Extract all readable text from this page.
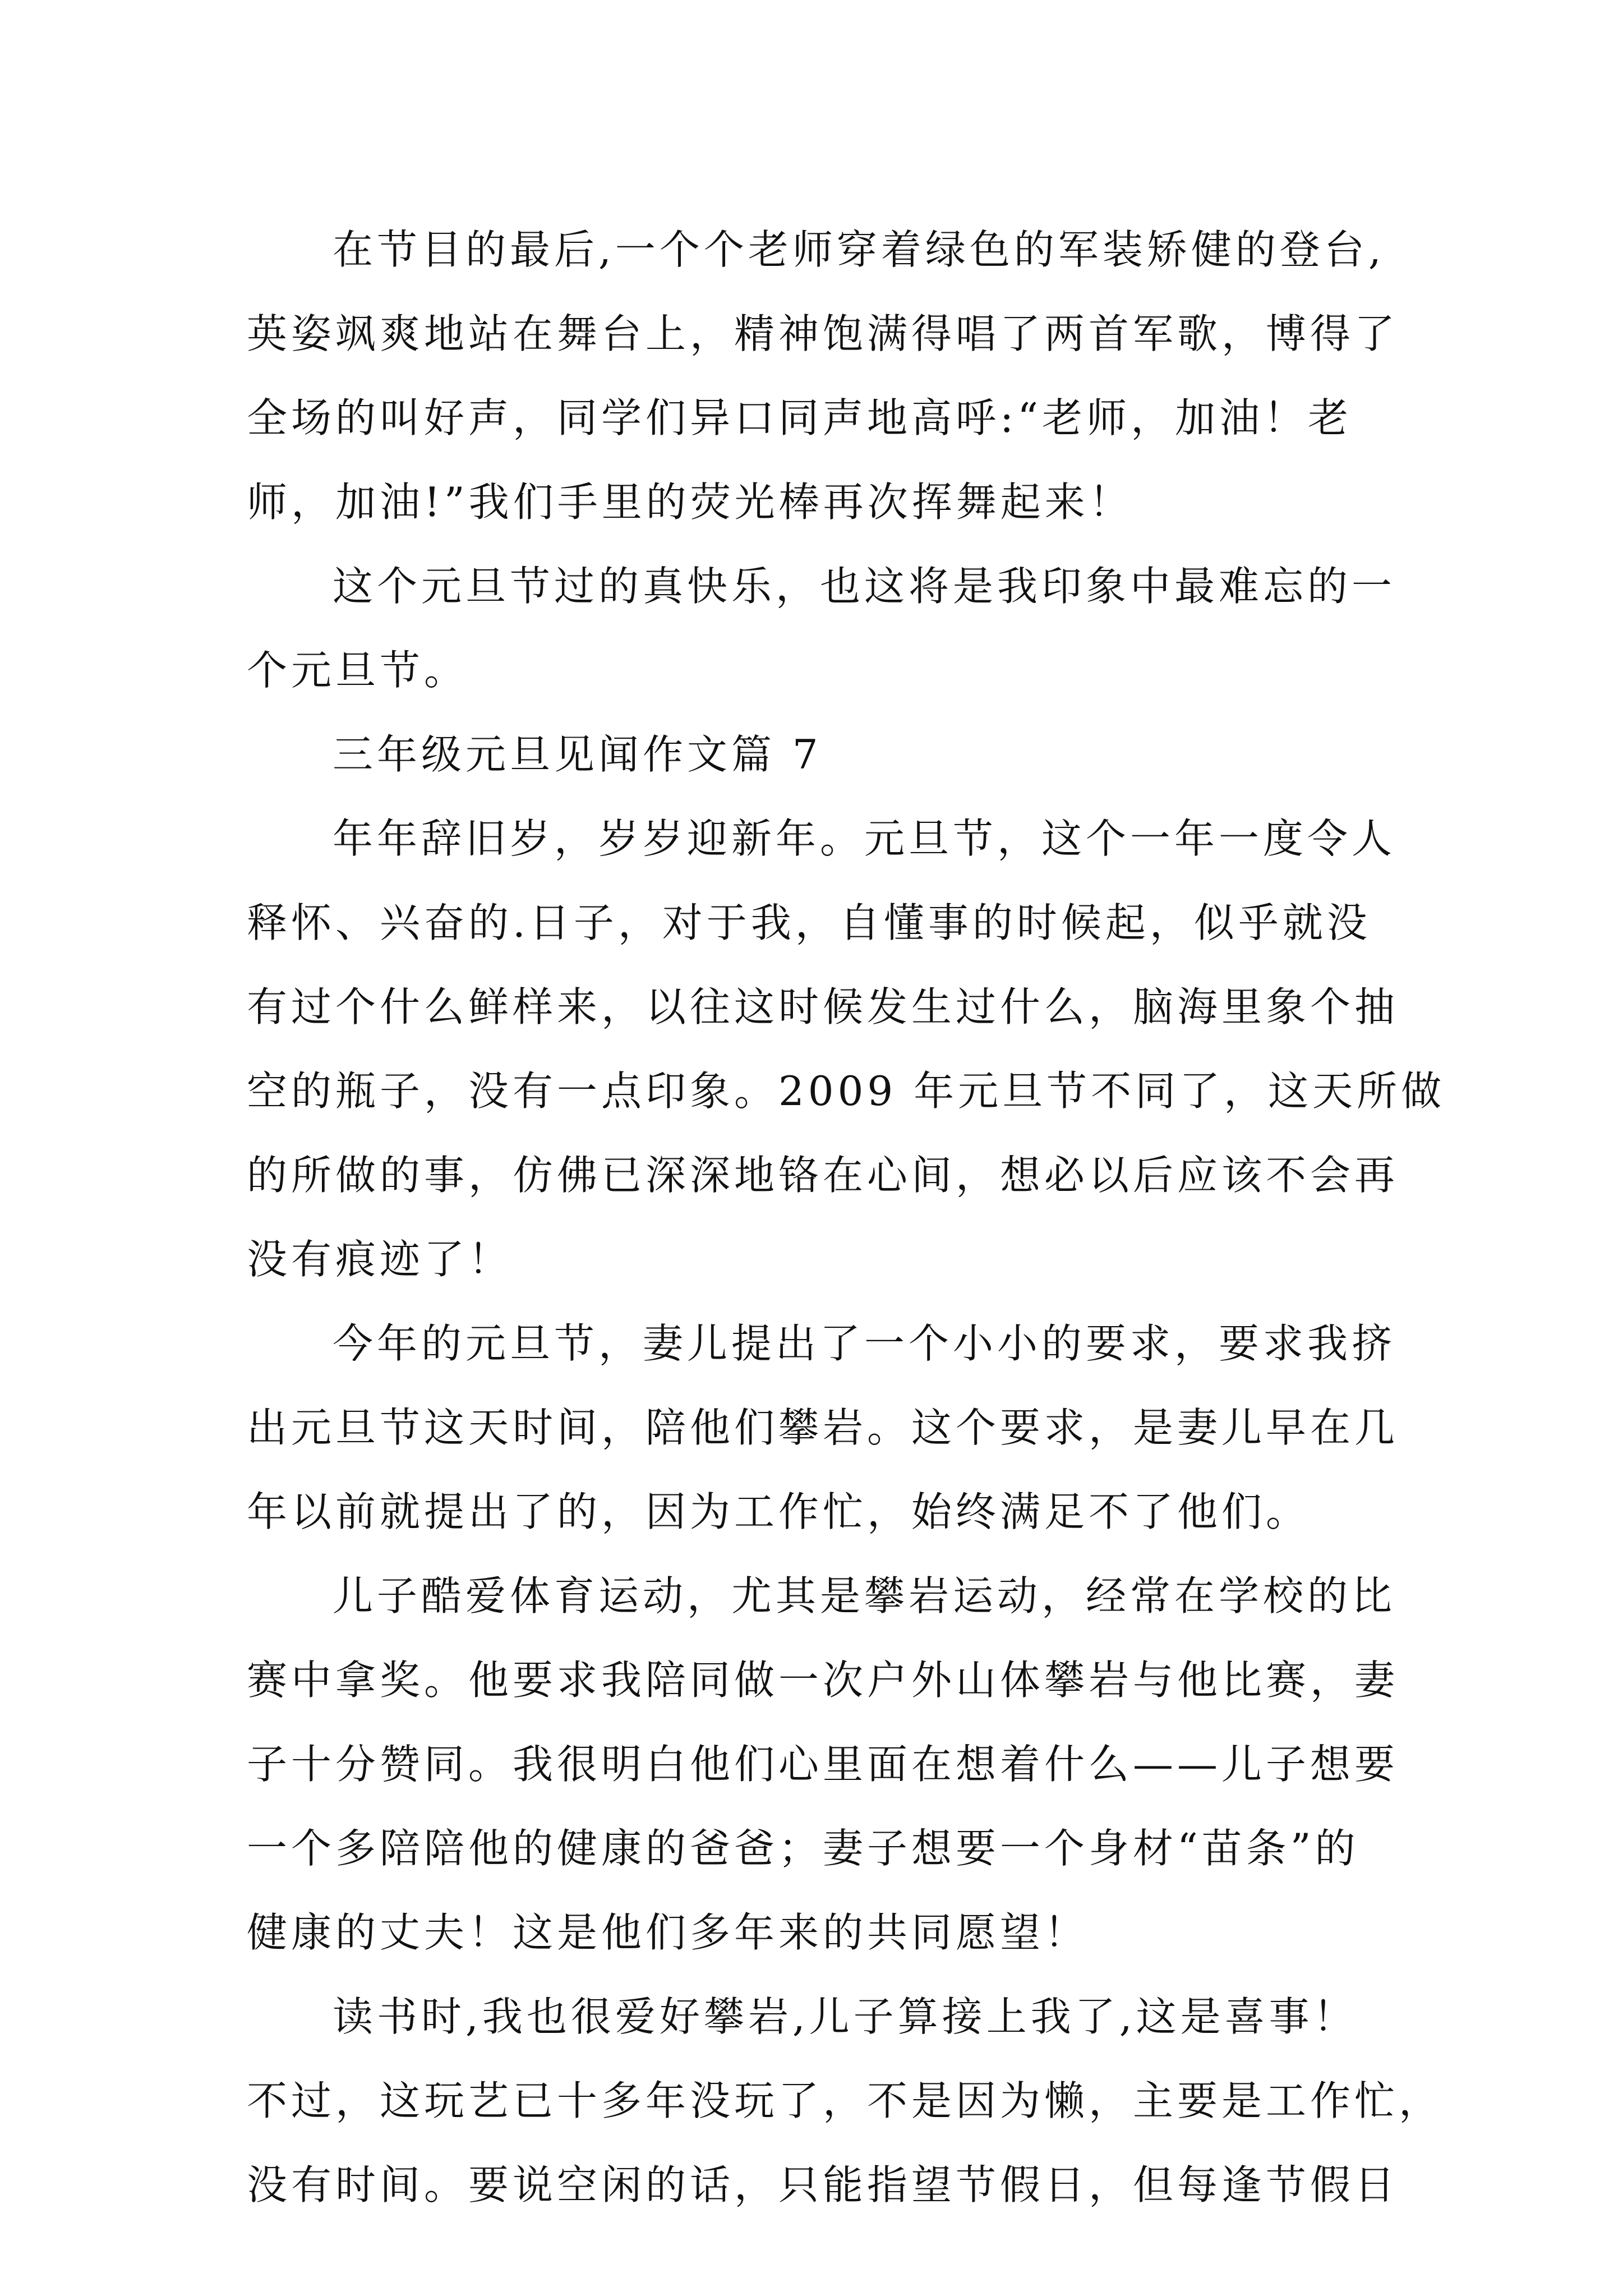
在节目的最后,一个个老师穿着绿色的军装矫健的登台,
英姿飒爽地站在舞台上，精神饱满得唱了两首军歌，博得了
全场的叫好声，同学们异口同声地高呼:“老师，加油！老
师，加油!”我们手里的荧光棒再次挥舞起来！
这个元旦节过的真快乐，也这将是我印象中最难忘的一
个元旦节。
三年级元旦见闻作文篇 7
年年辞旧岁，岁岁迎新年。元旦节，这个一年一度令人
释怀、兴奋的.日子，对于我，自懂事的时候起，似乎就没
有过个什么鲜样来，以往这时候发生过什么，脑海里象个抽
空的瓶子，没有一点印象。2009 年元旦节不同了，这天所做
的所做的事，仿佛已深深地铬在心间，想必以后应该不会再
没有痕迹了！
今年的元旦节，妻儿提出了一个小小的要求，要求我挤
出元旦节这天时间，陪他们攀岩。这个要求，是妻儿早在几
年以前就提出了的，因为工作忙，始终满足不了他们。
儿子酷爱体育运动，尤其是攀岩运动，经常在学校的比
赛中拿奖。他要求我陪同做一次户外山体攀岩与他比赛，妻
子十分赞同。我很明白他们心里面在想着什么——儿子想要
一个多陪陪他的健康的爸爸；妻子想要一个身材“苗条”的
健康的丈夫！这是他们多年来的共同愿望！
读书时,我也很爱好攀岩,儿子算接上我了,这是喜事！
不过，这玩艺已十多年没玩了，不是因为懒，主要是工作忙，
没有时间。要说空闲的话，只能指望节假日，但每逢节假日
